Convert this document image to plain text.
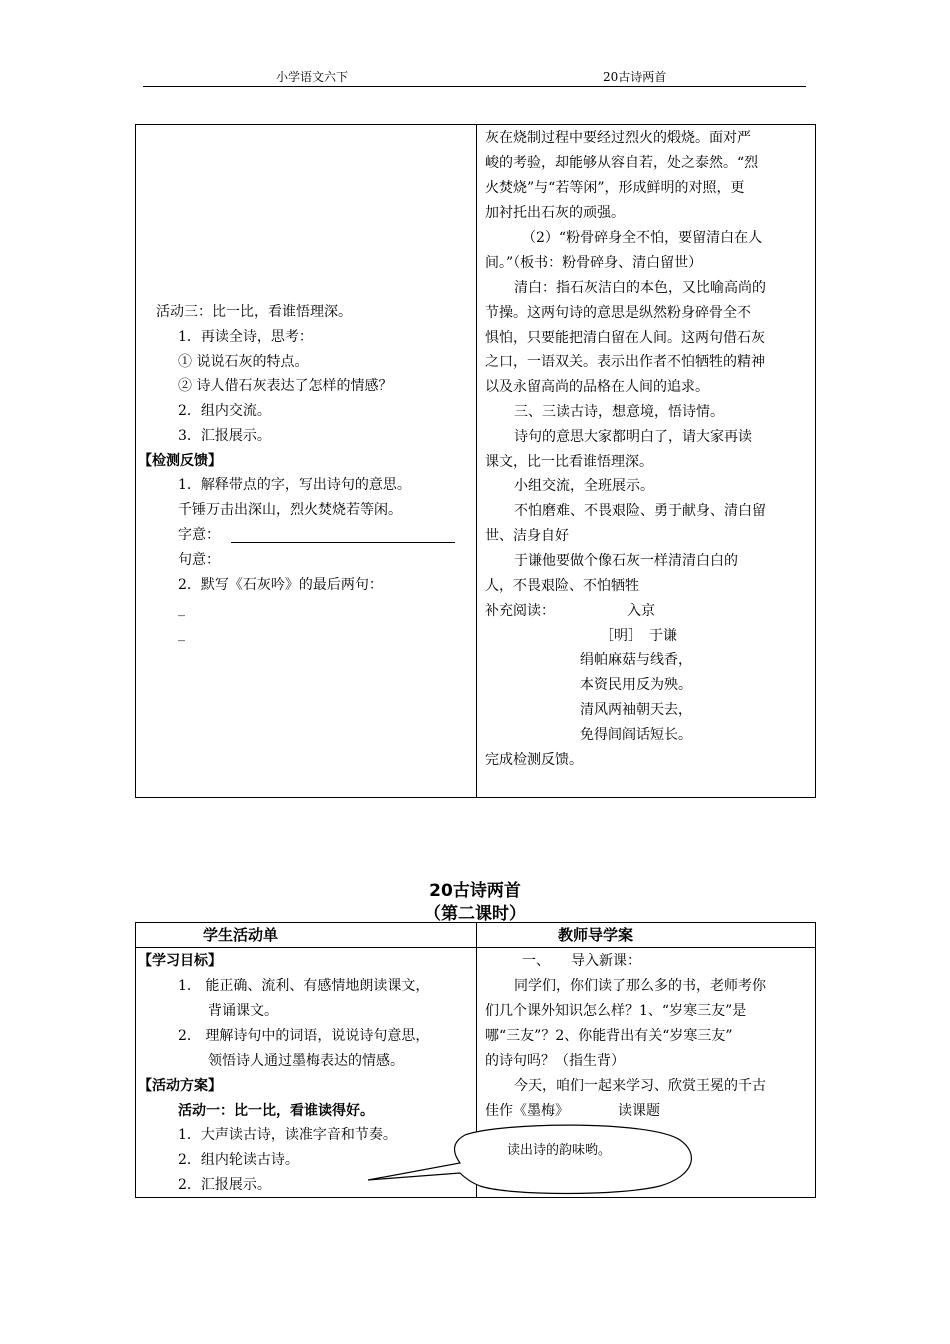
小学语文六下	20古诗两首
活动三：比一比，看谁悟理深。
1．再读全诗，思考：
① 说说石灰的特点。
② 诗人借石灰表达了怎样的情感？
2．组内交流。
3．汇报展示。
【检测反馈】
1．解释带点的字，写出诗句的意思。
千锤万击出深山，烈火焚烧若等闲。
字意：
句意：
2．默写《石灰吟》的最后两句：
_
_
灰在烧制过程中要经过烈火的煅烧。面对严
峻的考验，却能够从容自若，处之泰然。“烈
火焚烧”与“若等闲”，形成鲜明的对照，更
加衬托出石灰的顽强。
（2）“粉骨碎身全不怕，要留清白在人
间。”（板书：粉骨碎身、清白留世）
清白：指石灰洁白的本色，又比喻高尚的
节操。这两句诗的意思是纵然粉身碎骨全不
惧怕，只要能把清白留在人间。这两句借石灰
之口，一语双关。表示出作者不怕牺牲的精神
以及永留高尚的品格在人间的追求。
三、三读古诗，想意境，悟诗情。
诗句的意思大家都明白了，请大家再读
课文，比一比看谁悟理深。
小组交流，全班展示。
不怕磨难、不畏艰险、勇于献身、清白留
世、洁身自好
于谦他要做个像石灰一样清清白白的
人，不畏艰险、不怕牺牲
补充阅读：	入京
［明］　于谦
绢帕麻菇与线香，
本资民用反为殃。
清风两袖朝天去，
免得闾阎话短长。
完成检测反馈。
20古诗两首
（第二课时）
学生活动单	教师导学案
【学习目标】
1． 能正确、流利、有感情地朗读课文，
背诵课文。
2． 理解诗句中的词语，说说诗句意思，
领悟诗人通过墨梅表达的情感。
【活动方案】
活动一：比一比，看谁读得好。
1．大声读古诗，读准字音和节奏。
2．组内轮读古诗。
2．汇报展示。
一、　　导入新课：
同学们，你们读了那么多的书，老师考你
们几个课外知识怎么样？1、“岁寒三友”是
哪“三友”？2、你能背出有关“岁寒三友”
的诗句吗？（指生背）
今天，咱们一起来学习、欣赏王冕的千古
佳作《墨梅》　　　　读课题
读出诗的韵味哟。
